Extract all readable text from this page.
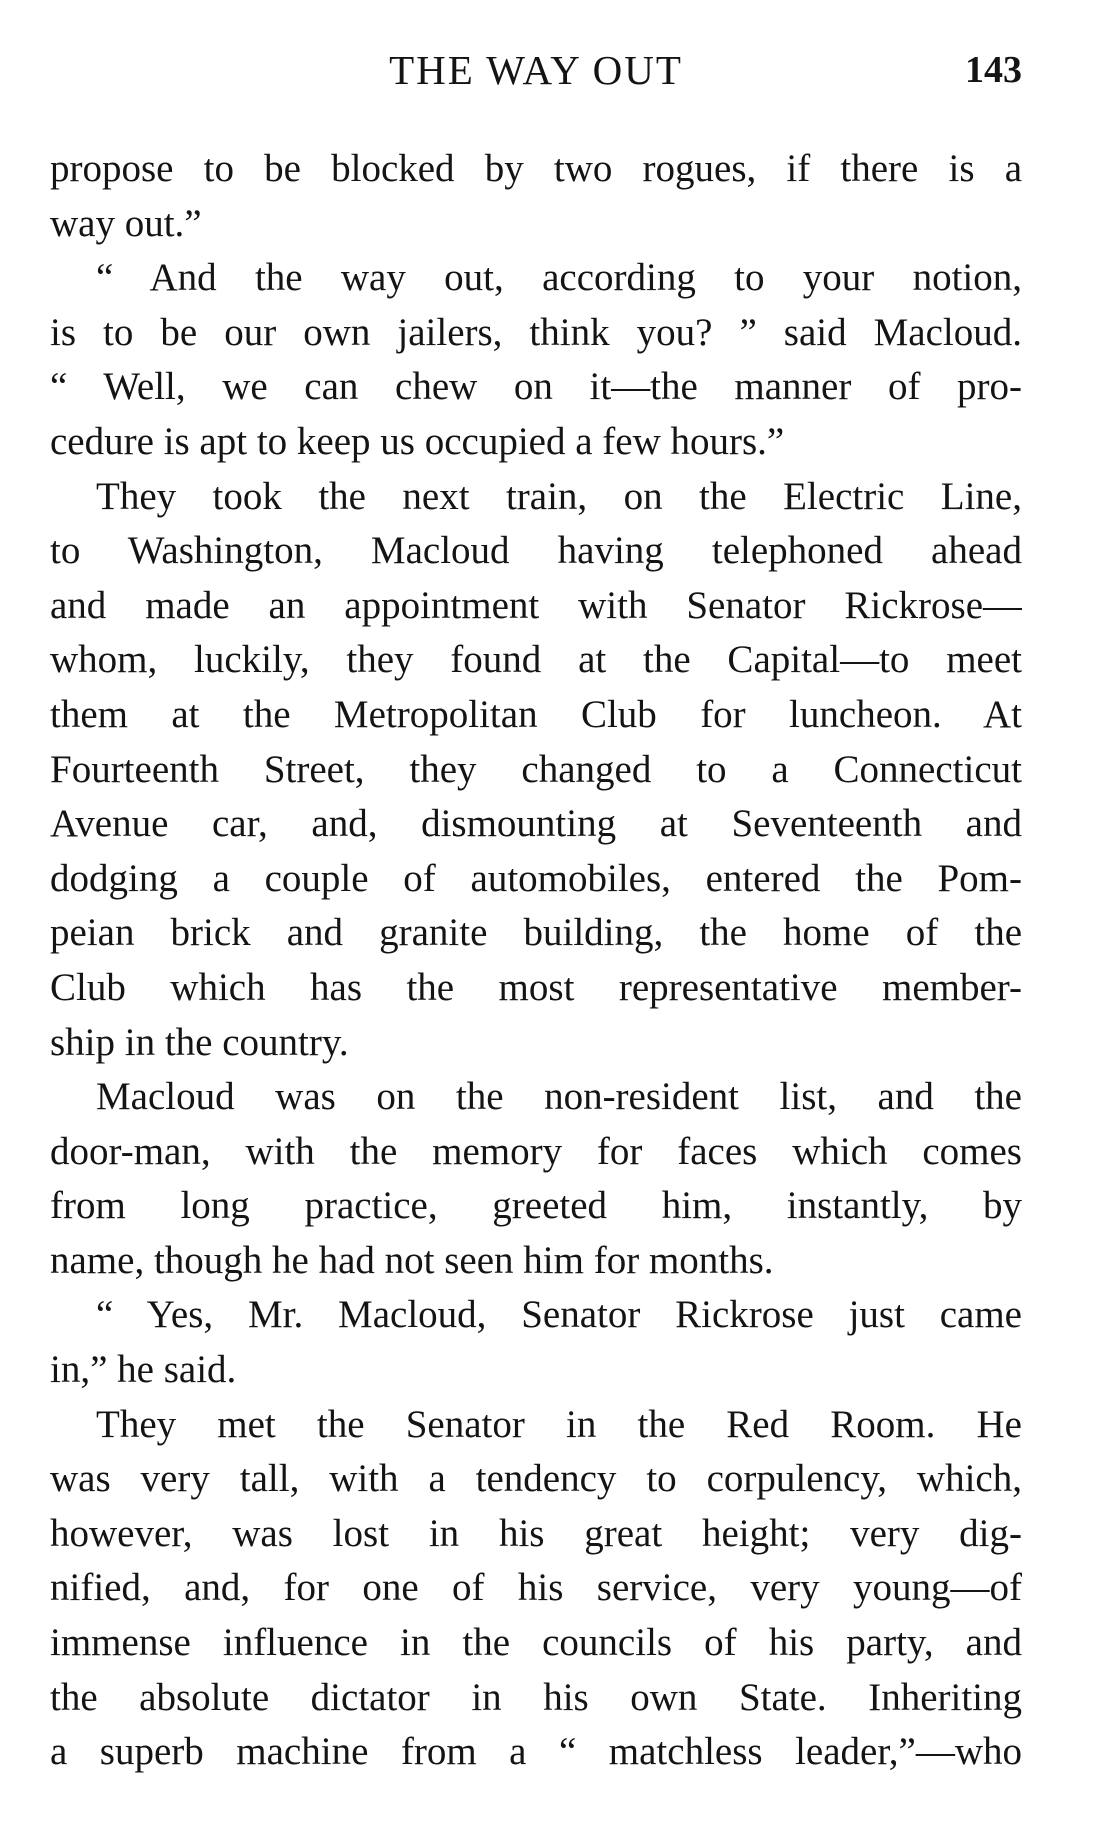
THE WAY OUT	143
propose to be blocked by two rogues, if there is a
way out.”
“ And the way out, according to your notion,
is to be our own jailers, think you? ” said Macloud.
“ Well, we can chew on it—the manner of pro-
cedure is apt to keep us occupied a few hours.”
They took the next train, on the Electric Line,
to Washington, Macloud having telephoned ahead
and made an appointment with Senator Rickrose—
whom, luckily, they found at the Capital—to meet
them at the Metropolitan Club for luncheon. At
Fourteenth Street, they changed to a Connecticut
Avenue car, and, dismounting at Seventeenth and
dodging a couple of automobiles, entered the Pom-
peian brick and granite building, the home of the
Club which has the most representative member-
ship in the country.
Macloud was on the non-resident list, and the
door-man, with the memory for faces which comes
from long practice, greeted him, instantly, by
name, though he had not seen him for months.
“ Yes, Mr. Macloud, Senator Rickrose just came
in,” he said.
They met the Senator in the Red Room. He
was very tall, with a tendency to corpulency, which,
however, was lost in his great height; very dig-
nified, and, for one of his service, very young—of
immense influence in the councils of his party, and
the absolute dictator in his own State. Inheriting
a superb machine from a “ matchless leader,”—who
